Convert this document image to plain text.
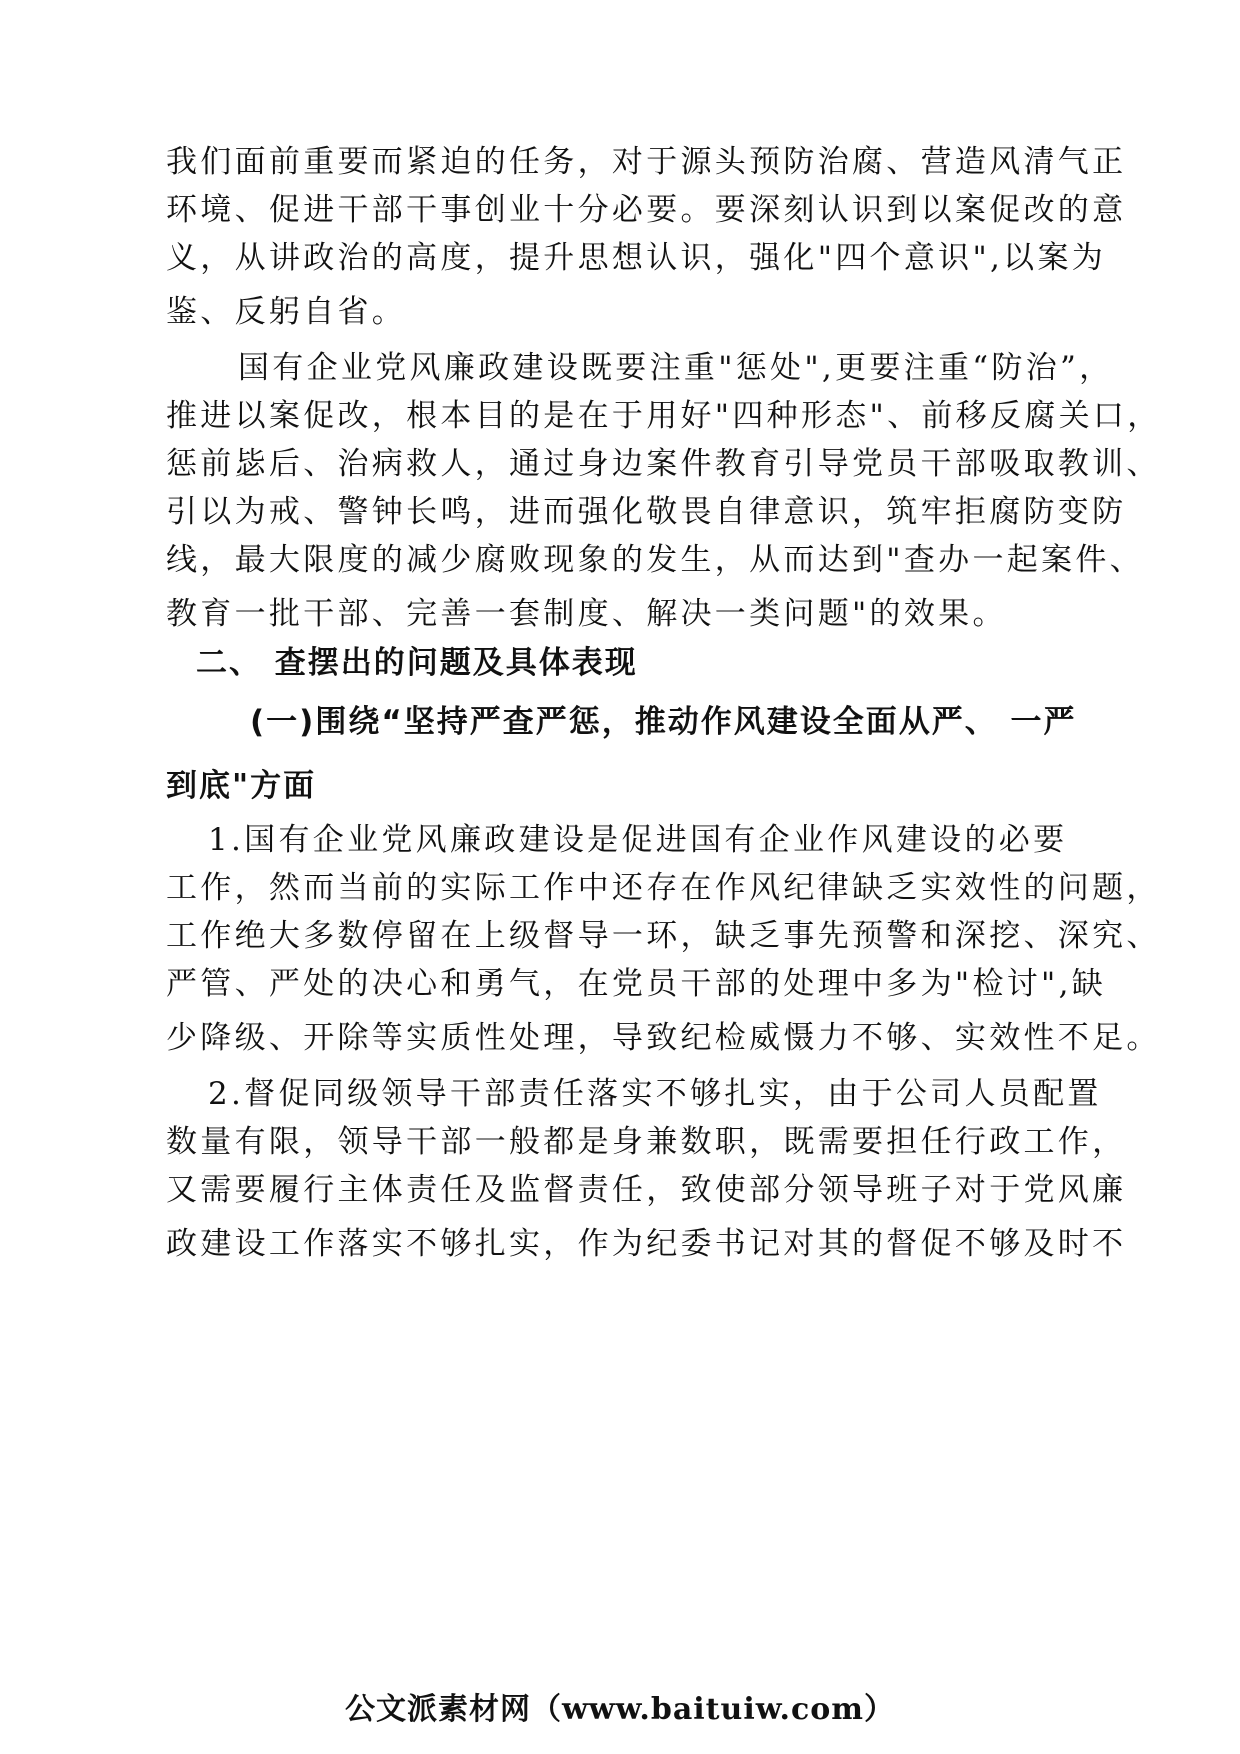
我们面前重要而紧迫的任务，对于源头预防治腐、营造风清气正
环境、促进干部干事创业十分必要。要深刻认识到以案促改的意
义，从讲政治的高度，提升思想认识，强化"四个意识",以案为
鉴、反躬自省。
国有企业党风廉政建设既要注重"惩处",更要注重“防治”，
推进以案促改，根本目的是在于用好"四种形态"、前移反腐关口，
惩前毖后、治病救人，通过身边案件教育引导党员干部吸取教训、
引以为戒、警钟长鸣，进而强化敬畏自律意识，筑牢拒腐防变防
线，最大限度的减少腐败现象的发生，从而达到"查办一起案件、
教育一批干部、完善一套制度、解决一类问题"的效果。
二、 查摆出的问题及具体表现
(一)围绕“坚持严查严惩，推动作风建设全面从严、 一严
到底"方面
1.国有企业党风廉政建设是促进国有企业作风建设的必要
工作，然而当前的实际工作中还存在作风纪律缺乏实效性的问题，
工作绝大多数停留在上级督导一环，缺乏事先预警和深挖、深究、
严管、严处的决心和勇气，在党员干部的处理中多为"检讨",缺
少降级、开除等实质性处理，导致纪检威慑力不够、实效性不足。
2.督促同级领导干部责任落实不够扎实，由于公司人员配置
数量有限，领导干部一般都是身兼数职，既需要担任行政工作，
又需要履行主体责任及监督责任，致使部分领导班子对于党风廉
政建设工作落实不够扎实，作为纪委书记对其的督促不够及时不
公文派素材网（www.baituiw.com）
